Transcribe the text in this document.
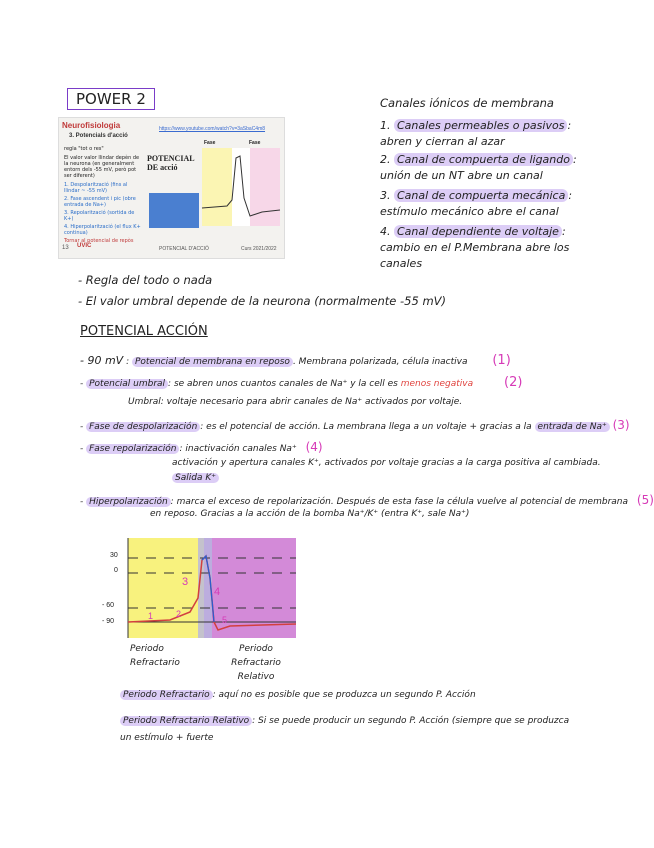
POWER 2
Neurofisiologia
3. Potencials d'acció
https://www.youtube.com/watch?v=3aSbaC4m8
regla "tot o res"
El valor valor llindar depèn de la neurona (en generalment entorn dels -55 mV, però pot ser diferent)
1. Despolarització (fins al llindar ~ -55 mV)
2. Fase ascendent i pic (obre entrada de Na+)
3. Repolarització (sortida de K+)
4. Hiperpolarització (el flux K+ continua)
Tornar al potencial de repòs
POTENCIAL DE acció
Fase	Fase
POTENCIAL D'ACCIÓ
13 UVIC	Curs 2021/2022
Canales iónicos de membrana
1. Canales permeables o pasivos : abren y cierran al azar
2. Canal de compuerta de ligando : unión de un NT abre un canal
3. Canal de compuerta mecánica : estímulo mecánico abre el canal
4. Canal dependiente de voltaje : cambio en el P.Membrana abre los canales
- Regla del todo o nada
- El valor umbral depende de la neurona (normalmente -55 mV)
POTENCIAL ACCIÓN
- 90 mV : Potencial de membrana en reposo . Membrana polarizada, célula inactiva (1)
- Potencial umbral : se abren unos cuantos canales de Na⁺ y la cell es menos negativa (2)
Umbral: voltaje necesario para abrir canales de Na⁺ activados por voltaje.
- Fase de despolarización : es el potencial de acción. La membrana llega a un voltaje + gracias a la entrada de Na⁺ (3)
- Fase repolarización : inactivación canales Na⁺ (4)
activación y apertura canales K⁺, activados por voltaje gracias a la carga positiva al cambiada.
Salida K⁺
- Hiperpolarización : marca el exceso de repolarización. Después de esta fase la célula vuelve al potencial de membrana (5)
en reposo. Gracias a la acción de la bomba Na⁺/K⁺ (entra K⁺, sale Na⁺)
30
0
- 60
- 90
1	2
3
4
5
Periodo Refractario
Periodo Refractario Relativo
Periodo Refractario : aquí no es posible que se produzca un segundo P. Acción
Periodo Refractario Relativo : Si se puede producir un segundo P. Acción (siempre que se produzca un estímulo + fuerte
